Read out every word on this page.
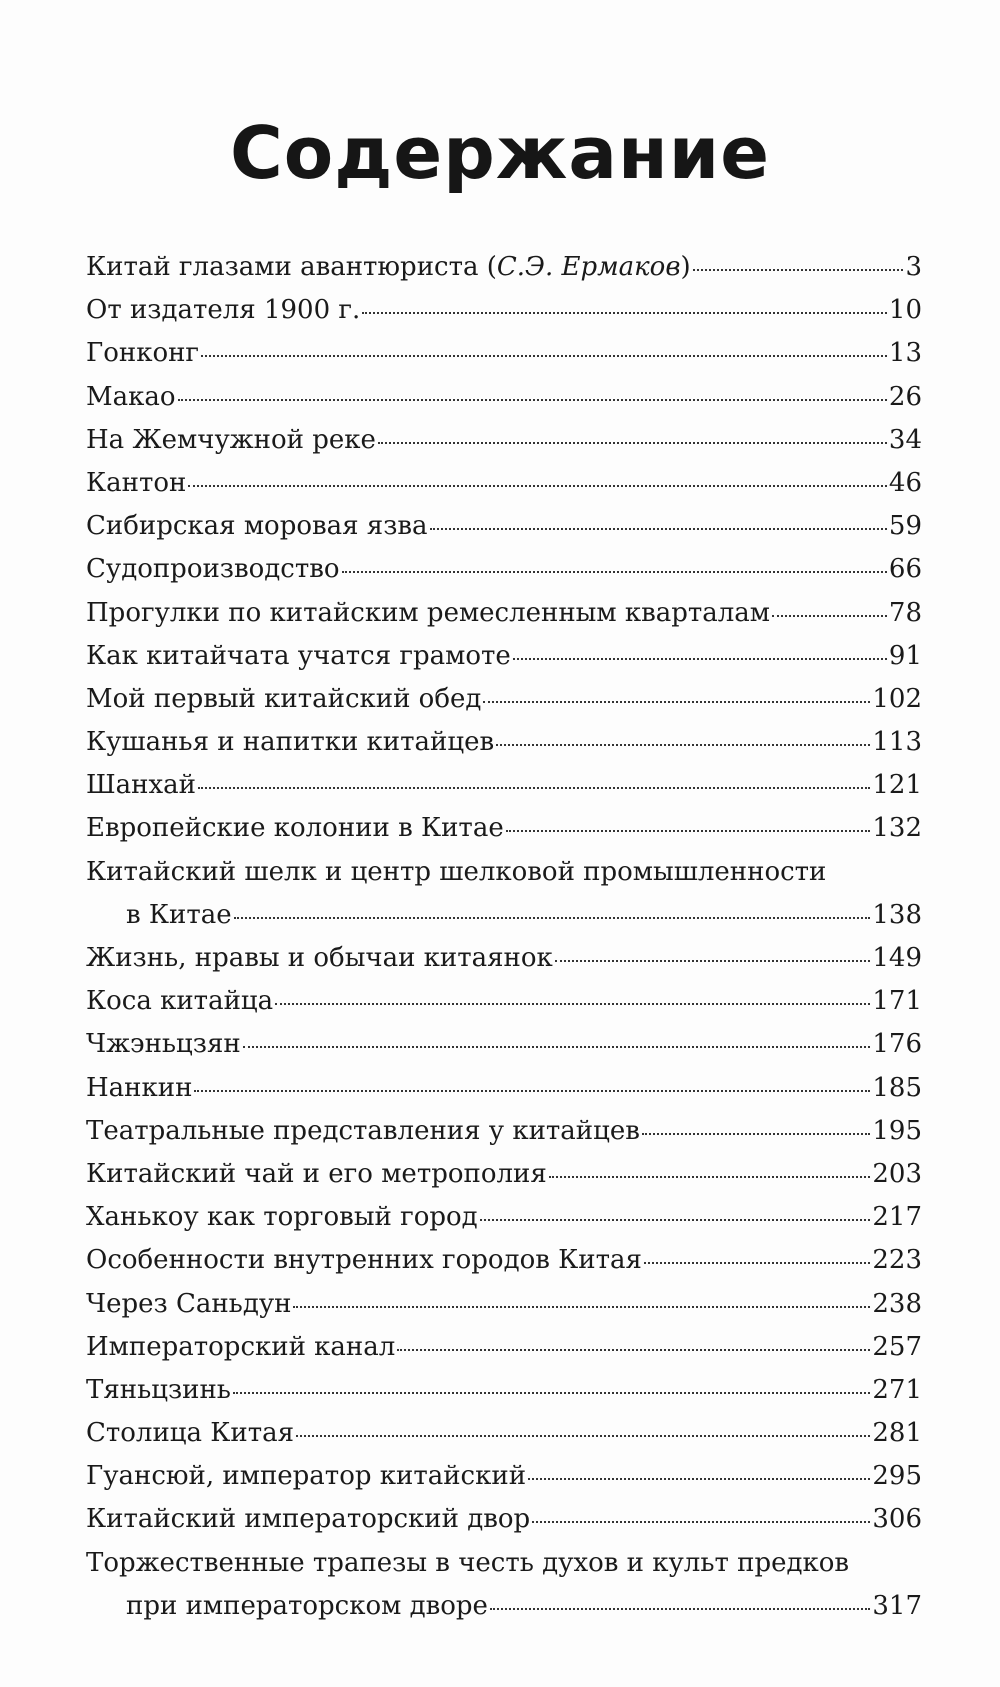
Содержание
Китай глазами авантюриста (С.Э. Ермаков)	3
От издателя 1900 г.	10
Гонконг	13
Макао	26
На Жемчужной реке	34
Кантон	46
Сибирская моровая язва	59
Судопроизводство	66
Прогулки по китайским ремесленным кварталам	78
Как китайчата учатся грамоте	91
Мой первый китайский обед	102
Кушанья и напитки китайцев	113
Шанхай	121
Европейские колонии в Китае	132
Китайский шелк и центр шелковой промышленности
в Китае	138
Жизнь, нравы и обычаи китаянок	149
Коса китайца	171
Чжэньцзян	176
Нанкин	185
Театральные представления у китайцев	195
Китайский чай и его метрополия	203
Ханькоу как торговый город	217
Особенности внутренних городов Китая	223
Через Саньдун	238
Императорский канал	257
Тяньцзинь	271
Столица Китая	281
Гуансюй, император китайский	295
Китайский императорский двор	306
Торжественные трапезы в честь духов и культ предков
при императорском дворе	317
